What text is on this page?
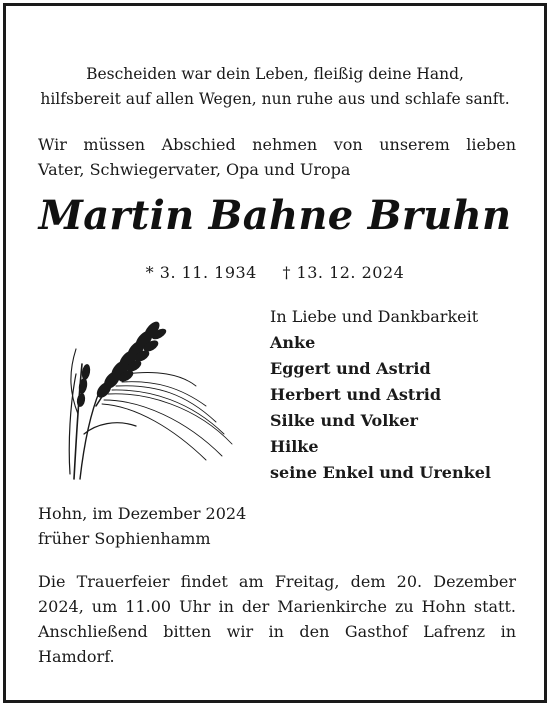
Bescheiden war dein Leben, fleißig deine Hand,
hilfsbereit auf allen Wegen, nun ruhe aus und schlafe sanft.
Wir müssen Abschied nehmen von unserem lieben
Vater, Schwiegervater, Opa und Uropa
Martin Bahne Bruhn
* 3. 11. 1934 † 13. 12. 2024
In Liebe und Dankbarkeit
Anke
Eggert und Astrid
Herbert und Astrid
Silke und Volker
Hilke
seine Enkel und Urenkel
Hohn, im Dezember 2024
früher Sophienhamm
Die Trauerfeier findet am Freitag, dem 20. Dezember 2024, um 11.00 Uhr in der Marienkirche zu Hohn statt. Anschließend bitten wir in den Gasthof Lafrenz in Hamdorf.
